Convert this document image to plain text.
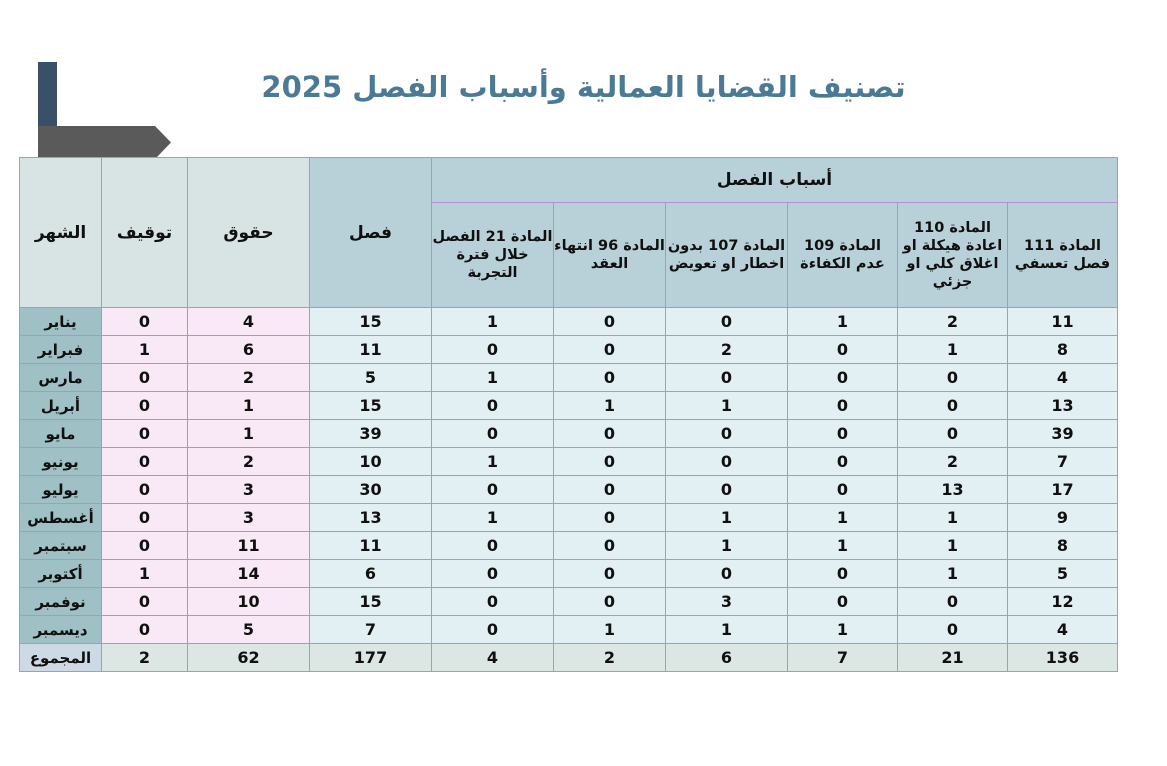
تصنيف القضايا العمالية وأسباب الفصل 2025
أسباب الفصل						فصل	حقوق	توقيف	الشهر
المادة 111 فصل تعسفي	المادة 110 اعادة هيكلة او اغلاق كلي او جزئي	المادة 109 عدم الكفاءة	المادة 107 بدون اخطار او تعويض	المادة 96 انتهاء العقد	المادة 21 الفصل خلال فترة التجربة				
11	2	1	0	0	1	15	4	0	يناير
8	1	0	2	0	0	11	6	1	فبراير
4	0	0	0	0	1	5	2	0	مارس
13	0	0	1	1	0	15	1	0	أبريل
39	0	0	0	0	0	39	1	0	مايو
7	2	0	0	0	1	10	2	0	يونيو
17	13	0	0	0	0	30	3	0	يوليو
9	1	1	1	0	1	13	3	0	أغسطس
8	1	1	1	0	0	11	11	0	سبتمبر
5	1	0	0	0	0	6	14	1	أكتوبر
12	0	0	3	0	0	15	10	0	نوفمبر
4	0	1	1	1	0	7	5	0	ديسمبر
136	21	7	6	2	4	177	62	2	المجموع
